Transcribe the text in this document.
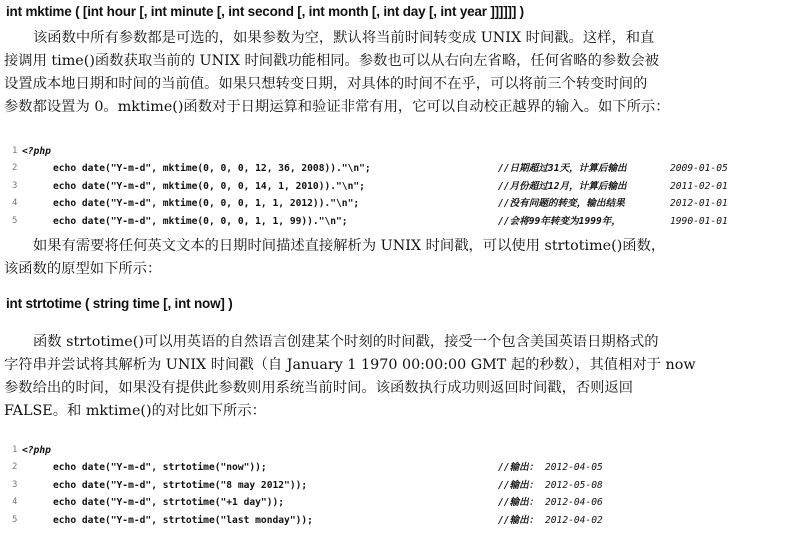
int mktime ( [int hour [, int minute [, int second [, int month [, int day [, int year ]]]]]] )
该函数中所有参数都是可选的，如果参数为空，默认将当前时间转变成 UNIX 时间戳。这样，和直
接调用 time()函数获取当前的 UNIX 时间戳功能相同。参数也可以从右向左省略，任何省略的参数会被
设置成本地日期和时间的当前值。如果只想转变日期，对具体的时间不在乎，可以将前三个转变时间的
参数都设置为 0。mktime()函数对于日期运算和验证非常有用，它可以自动校正越界的输入。如下所示：
1 <?php
2	echo date("Y-m-d", mktime(0, 0, 0, 12, 36, 2008))."\n";	//日期超过31天，计算后输出	2009-01-05
3	echo date("Y-m-d", mktime(0, 0, 0, 14, 1, 2010))."\n";	//月份超过12月，计算后输出	2011-02-01
4	echo date("Y-m-d", mktime(0, 0, 0, 1, 1, 2012))."\n";	//没有问题的转变，输出结果	2012-01-01
5	echo date("Y-m-d", mktime(0, 0, 0, 1, 1, 99))."\n";	//会将99年转变为1999年，	1990-01-01
如果有需要将任何英文文本的日期时间描述直接解析为 UNIX 时间戳，可以使用 strtotime()函数，
该函数的原型如下所示：
int strtotime ( string time [, int now] )
函数 strtotime()可以用英语的自然语言创建某个时刻的时间戳，接受一个包含美国英语日期格式的
字符串并尝试将其解析为 UNIX 时间戳（自 January 1 1970 00:00:00 GMT 起的秒数），其值相对于 now
参数给出的时间，如果没有提供此参数则用系统当前时间。该函数执行成功则返回时间戳，否则返回
FALSE。和 mktime()的对比如下所示：
1 <?php
2	echo date("Y-m-d", strtotime("now"));	//输出： 2012-04-05
3	echo date("Y-m-d", strtotime("8 may 2012"));	//输出： 2012-05-08
4	echo date("Y-m-d", strtotime("+1 day"));	//输出： 2012-04-06
5	echo date("Y-m-d", strtotime("last monday"));	//输出： 2012-04-02
